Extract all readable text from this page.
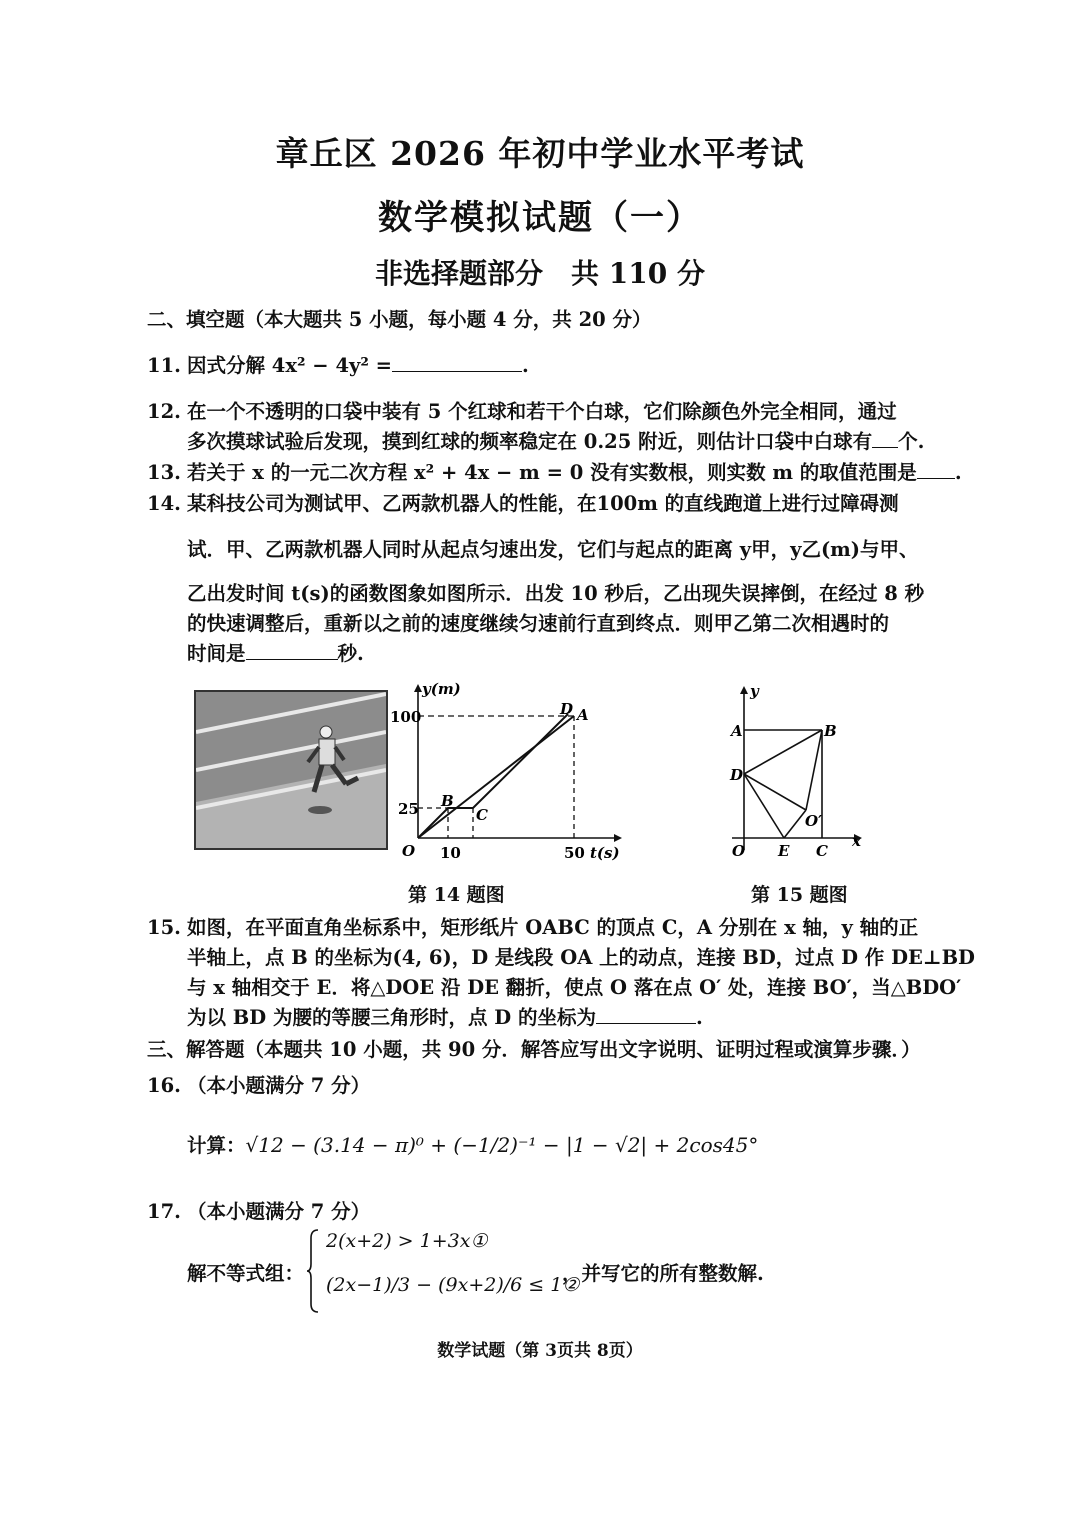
章丘区 2026 年初中学业水平考试
数学模拟试题（一）
非选择题部分　共 110 分
二、填空题（本大题共 5 小题，每小题 4 分，共 20 分）
11. 因式分解 4x² − 4y² =	.
12. 在一个不透明的口袋中装有 5 个红球和若干个白球，它们除颜色外完全相同，通过
多次摸球试验后发现，摸到红球的频率稳定在 0.25 附近，则估计口袋中白球有 个.
13. 若关于 x 的一元二次方程 x² + 4x − m = 0 没有实数根，则实数 m 的取值范围是 .
14. 某科技公司为测试甲、乙两款机器人的性能，在100m 的直线跑道上进行过障碍测
试．甲、乙两款机器人同时从起点匀速出发，它们与起点的距离 y甲，y乙(m)与甲、
乙出发时间 t(s)的函数图象如图所示．出发 10 秒后，乙出现失误摔倒，在经过 8 秒
的快速调整后，重新以之前的速度继续匀速前行直到终点．则甲乙第二次相遇时的
时间是	秒.
y(m)
100
25
O 10	50 t(s)
B
C
D A
y
x
A	B
D
O′
O E C
第 14 题图	第 15 题图
15. 如图，在平面直角坐标系中，矩形纸片 OABC 的顶点 C，A 分别在 x 轴，y 轴的正
半轴上，点 B 的坐标为(4, 6)，D 是线段 OA 上的动点，连接 BD，过点 D 作 DE⊥BD
与 x 轴相交于 E．将△DOE 沿 DE 翻折，使点 O 落在点 O′ 处，连接 BO′，当△BDO′
为以 BD 为腰的等腰三角形时，点 D 的坐标为	.
三、解答题（本题共 10 小题，共 90 分．解答应写出文字说明、证明过程或演算步骤．）
16. （本小题满分 7 分）
计算：√12 − (3.14 − π)⁰ + (−1/2)⁻¹ − |1 − √2| + 2cos45°
17. （本小题满分 7 分）
解不等式组：
2(x+2) > 1+3x①
(2x−1)/3 − (9x+2)/6 ≤ 1②
，并写它的所有整数解.
数学试题（第 3页共 8页）
